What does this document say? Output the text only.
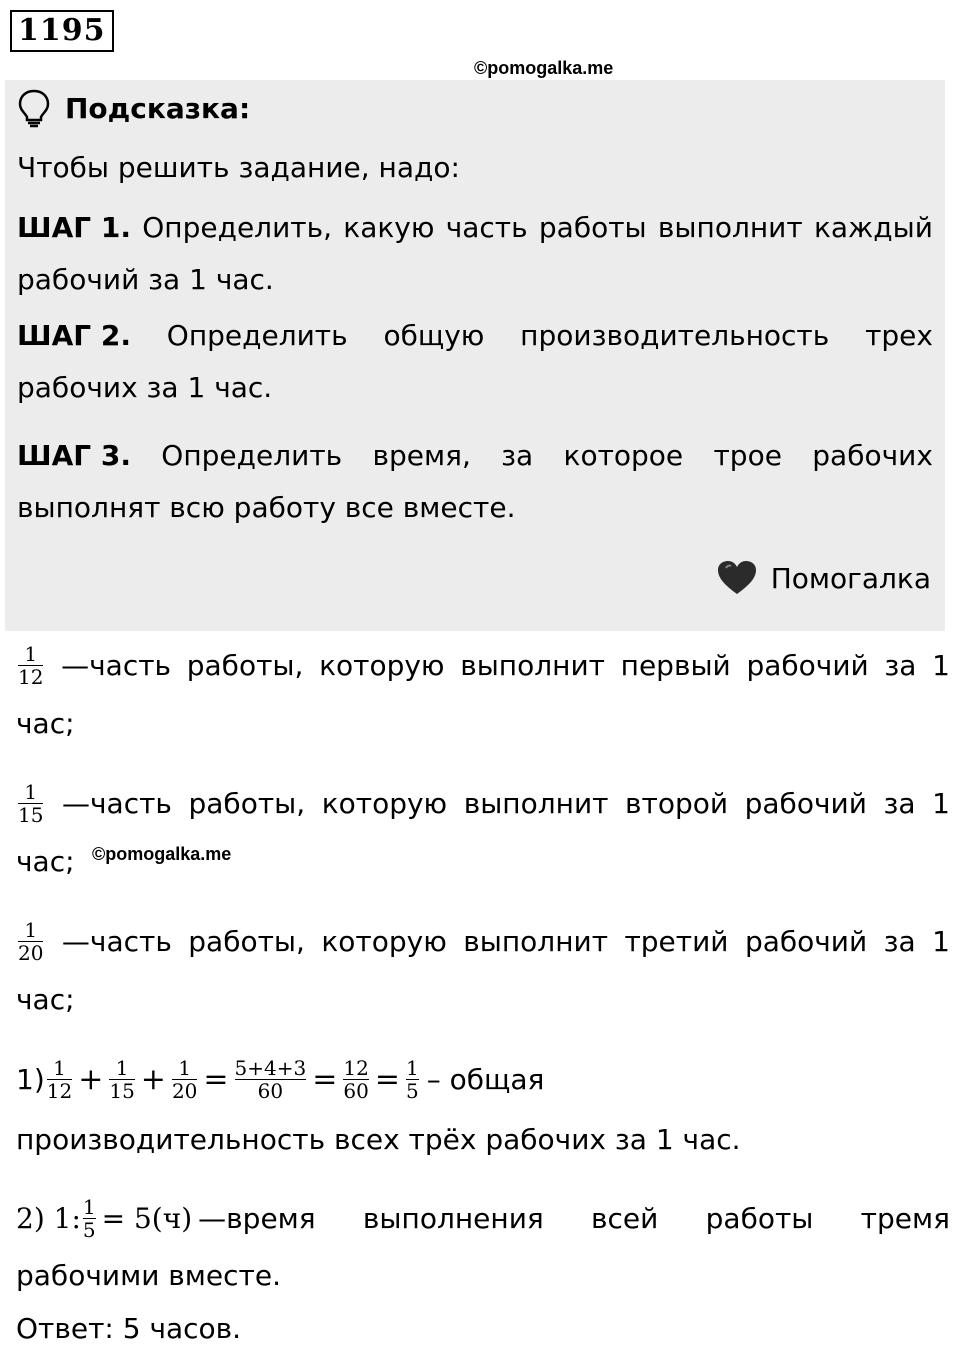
1195
©pomogalka.me
Подсказка:

Чтобы решить задание, надо:

ШАГ 1. Определить, какую часть работы выполнит каждый
рабочий за 1 час.
ШАГ 2. Определить общую производительность трех
рабочих за 1 час.
ШАГ 3. Определить время, за которое трое рабочих
выполнят всю работу все вместе.
Помогалка
$\frac{1}{12}$ —часть работы, которую выполнит первый рабочий за 1
час;
$\frac{1}{15}$ —часть работы, которую выполнит второй рабочий за 1
час; ©pomogalka.me
$\frac{1}{20}$ —часть работы, которую выполнит третий рабочий за 1
час;
$1) \frac{1}{12} + \frac{1}{15} + \frac{1}{20} = \frac{5+4+3}{60} = \frac{12}{60} = \frac{1}{5}$ – общая
производительность всех трёх рабочих за 1 час.
2) 1: $\frac{1}{5} = 5(ч)$ —время выполнения всей работы тремя
рабочими вместе.
Ответ: 5 часов.
